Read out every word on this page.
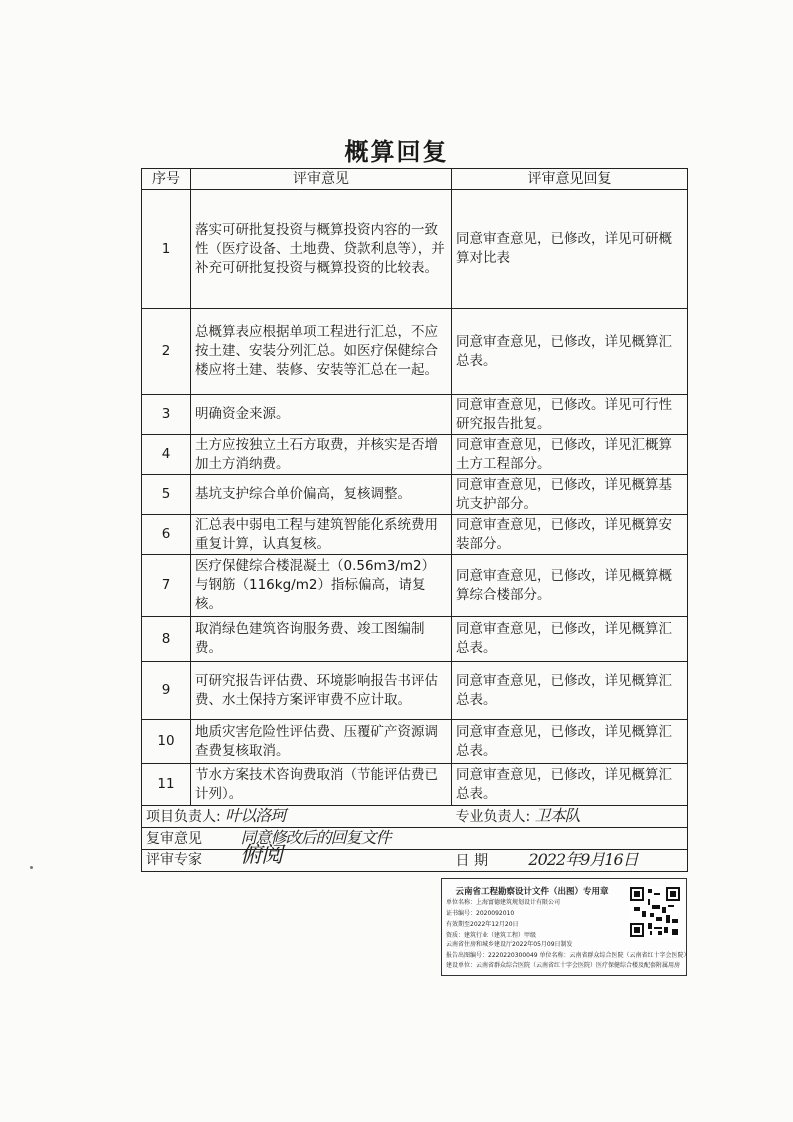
概算回复
序号	评审意见	评审意见回复
1	落实可研批复投资与概算投资内容的一致性（医疗设备、土地费、贷款利息等），并补充可研批复投资与概算投资的比较表。	同意审查意见，已修改，详见可研概算对比表
2	总概算表应根据单项工程进行汇总，不应按土建、安装分列汇总。如医疗保健综合楼应将土建、装修、安装等汇总在一起。	同意审查意见，已修改，详见概算汇总表。
3	明确资金来源。	同意审查意见，已修改。详见可行性研究报告批复。
4	土方应按独立土石方取费，并核实是否增加土方消纳费。	同意审查意见，已修改，详见汇概算土方工程部分。
5	基坑支护综合单价偏高，复核调整。	同意审查意见，已修改，详见概算基坑支护部分。
6	汇总表中弱电工程与建筑智能化系统费用重复计算，认真复核。	同意审查意见，已修改，详见概算安装部分。
7	医疗保健综合楼混凝土（0.56m3/m2）与钢筋（116kg/m2）指标偏高，请复核。	同意审查意见，已修改，详见概算概算综合楼部分。
8	取消绿色建筑咨询服务费、竣工图编制费。	同意审查意见，已修改，详见概算汇总表。
9	可研究报告评估费、环境影响报告书评估费、水土保持方案评审费不应计取。	同意审查意见，已修改，详见概算汇总表。
10	地质灾害危险性评估费、压覆矿产资源调查费复核取消。	同意审查意见，已修改，详见概算汇总表。
11	节水方案技术咨询费取消（节能评估费已计列）。	同意审查意见，已修改，详见概算汇总表。
项目负责人: 叶以洛珂		专业负责人: 卫本队
复审意见 同意修改后的回复文件		
评审专家		日 期 2022年9月16日
俯阅
云南省工程勘察设计文件（出图）专用章
单位名称：上海富德建筑规划设计有限公司
证书编号：2020092010
有效期至2022年12月20日
资质：建筑行业（建筑工程）甲级
云南省住房和城乡建设厅2022年05月09日制发
报告出图编号：2220220300049 单位名称：云南省群众综合医院（云南省红十字会医院）
建设单位：云南省群众综合医院（云南省红十字会医院）医疗保健综合楼及配套附属用房
